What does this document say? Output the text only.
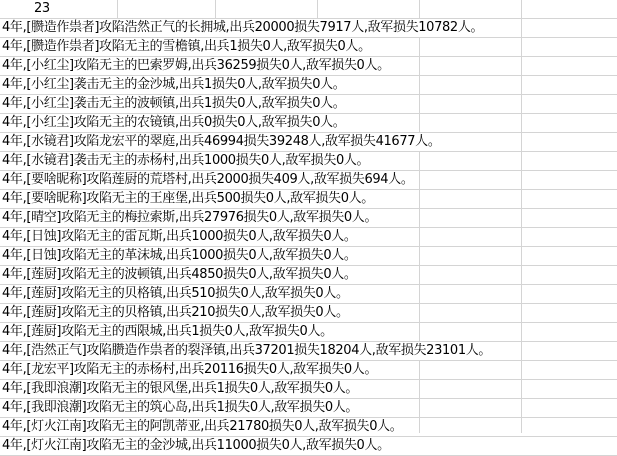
23
4年,[臜造作祟者]攻陷浩然正气的长拥城,出兵20000损失7917人,敌军损失10782人。
4年,[臜造作祟者]攻陷无主的雪檐镇,出兵1损失0人,敌军损失0人。
4年,[小红尘]攻陷无主的巴索罗姆,出兵36259损失0人,敌军损失0人。
4年,[小红尘]袭击无主的金沙城,出兵1损失0人,敌军损失0人。
4年,[小红尘]袭击无主的波顿镇,出兵1损失0人,敌军损失0人。
4年,[小红尘]攻陷无主的农镜镇,出兵0损失0人,敌军损失0人。
4年,[水镜君]攻陷龙宏平的翠庭,出兵46994损失39248人,敌军损失41677人。
4年,[水镜君]袭击无主的赤杨村,出兵1000损失0人,敌军损失0人。
4年,[要啥昵称]攻陷莲厨的荒塔村,出兵2000损失409人,敌军损失694人。
4年,[要啥昵称]攻陷无主的王座堡,出兵500损失0人,敌军损失0人。
4年,[晴空]攻陷无主的梅拉索斯,出兵27976损失0人,敌军损失0人。
4年,[日蚀]攻陷无主的雷瓦斯,出兵1000损失0人,敌军损失0人。
4年,[日蚀]攻陷无主的革沫城,出兵1000损失0人,敌军损失0人。
4年,[莲厨]攻陷无主的波顿镇,出兵4850损失0人,敌军损失0人。
4年,[莲厨]攻陷无主的贝格镇,出兵510损失0人,敌军损失0人。
4年,[莲厨]攻陷无主的贝格镇,出兵210损失0人,敌军损失0人。
4年,[莲厨]攻陷无主的西限城,出兵1损失0人,敌军损失0人。
4年,[浩然正气]攻陷臜造作祟者的裂泽镇,出兵37201损失18204人,敌军损失23101人。
4年,[龙宏平]攻陷无主的赤杨村,出兵20116损失0人,敌军损失0人。
4年,[我即浪潮]攻陷无主的银风堡,出兵1损失0人,敌军损失0人。
4年,[我即浪潮]攻陷无主的筑心岛,出兵1损失0人,敌军损失0人。
4年,[灯火江南]攻陷无主的阿凯蒂亚,出兵21780损失0人,敌军损失0人。
4年,[灯火江南]攻陷无主的金沙城,出兵11000损失0人,敌军损失0人。
